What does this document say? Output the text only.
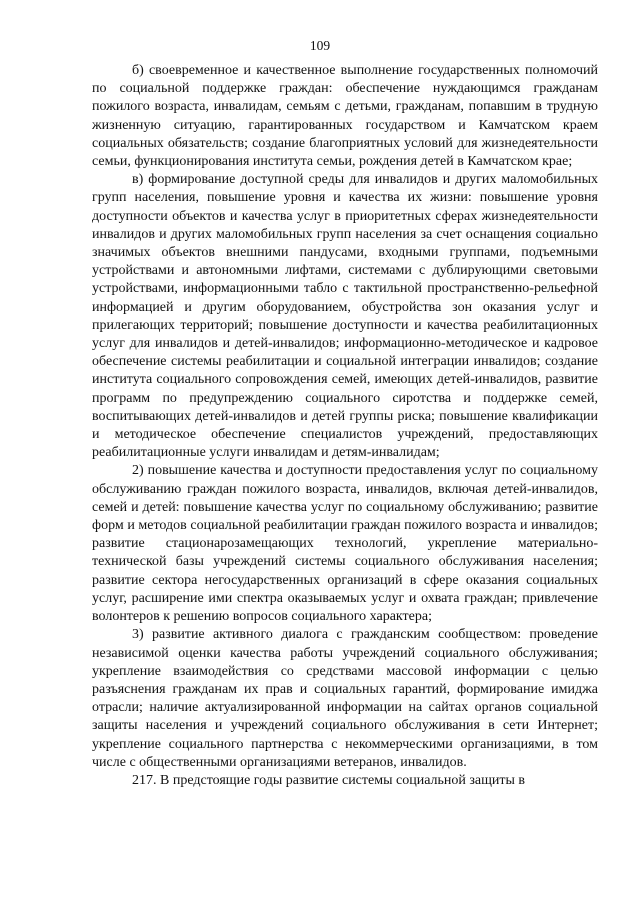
109

б) своевременное и качественное выполнение государственных полномочий по социальной поддержке граждан: обеспечение нуждающимся гражданам пожилого возраста, инвалидам, семьям с детьми, гражданам, попавшим в трудную жизненную ситуацию, гарантированных государством и Камчатском краем социальных обязательств; создание благоприятных условий для жизнедеятельности семьи, функционирования института семьи, рождения детей в Камчатском крае;

в) формирование доступной среды для инвалидов и других маломобильных групп населения, повышение уровня и качества их жизни: повышение уровня доступности объектов и качества услуг в приоритетных сферах жизнедеятельности инвалидов и других маломобильных групп населения за счет оснащения социально значимых объектов внешними пандусами, входными группами, подъемными устройствами и автономными лифтами, системами с дублирующими световыми устройствами, информационными табло с тактильной пространственно-рельефной информацией и другим оборудованием, обустройства зон оказания услуг и прилегающих территорий; повышение доступности и качества реабилитационных услуг для инвалидов и детей-инвалидов; информационно-методическое и кадровое обеспечение системы реабилитации и социальной интеграции инвалидов; создание института социального сопровождения семей, имеющих детей-инвалидов, развитие программ по предупреждению социального сиротства и поддержке семей, воспитывающих детей-инвалидов и детей группы риска; повышение квалификации и методическое обеспечение специалистов учреждений, предоставляющих реабилитационные услуги инвалидам и детям-инвалидам;

2) повышение качества и доступности предоставления услуг по социальному обслуживанию граждан пожилого возраста, инвалидов, включая детей-инвалидов, семей и детей: повышение качества услуг по социальному обслуживанию; развитие форм и методов социальной реабилитации граждан пожилого возраста и инвалидов; развитие стационарозамещающих технологий, укрепление материально-технической базы учреждений системы социального обслуживания населения; развитие сектора негосударственных организаций в сфере оказания социальных услуг, расширение ими спектра оказываемых услуг и охвата граждан; привлечение волонтеров к решению вопросов социального характера;

3) развитие активного диалога с гражданским сообществом: проведение независимой оценки качества работы учреждений социального обслуживания; укрепление взаимодействия со средствами массовой информации с целью разъяснения гражданам их прав и социальных гарантий, формирование имиджа отрасли; наличие актуализированной информации на сайтах органов социальной защиты населения и учреждений социального обслуживания в сети Интернет; укрепление социального партнерства с некоммерческими организациями, в том числе с общественными организациями ветеранов, инвалидов.

217. В предстоящие годы развитие системы социальной защиты в
